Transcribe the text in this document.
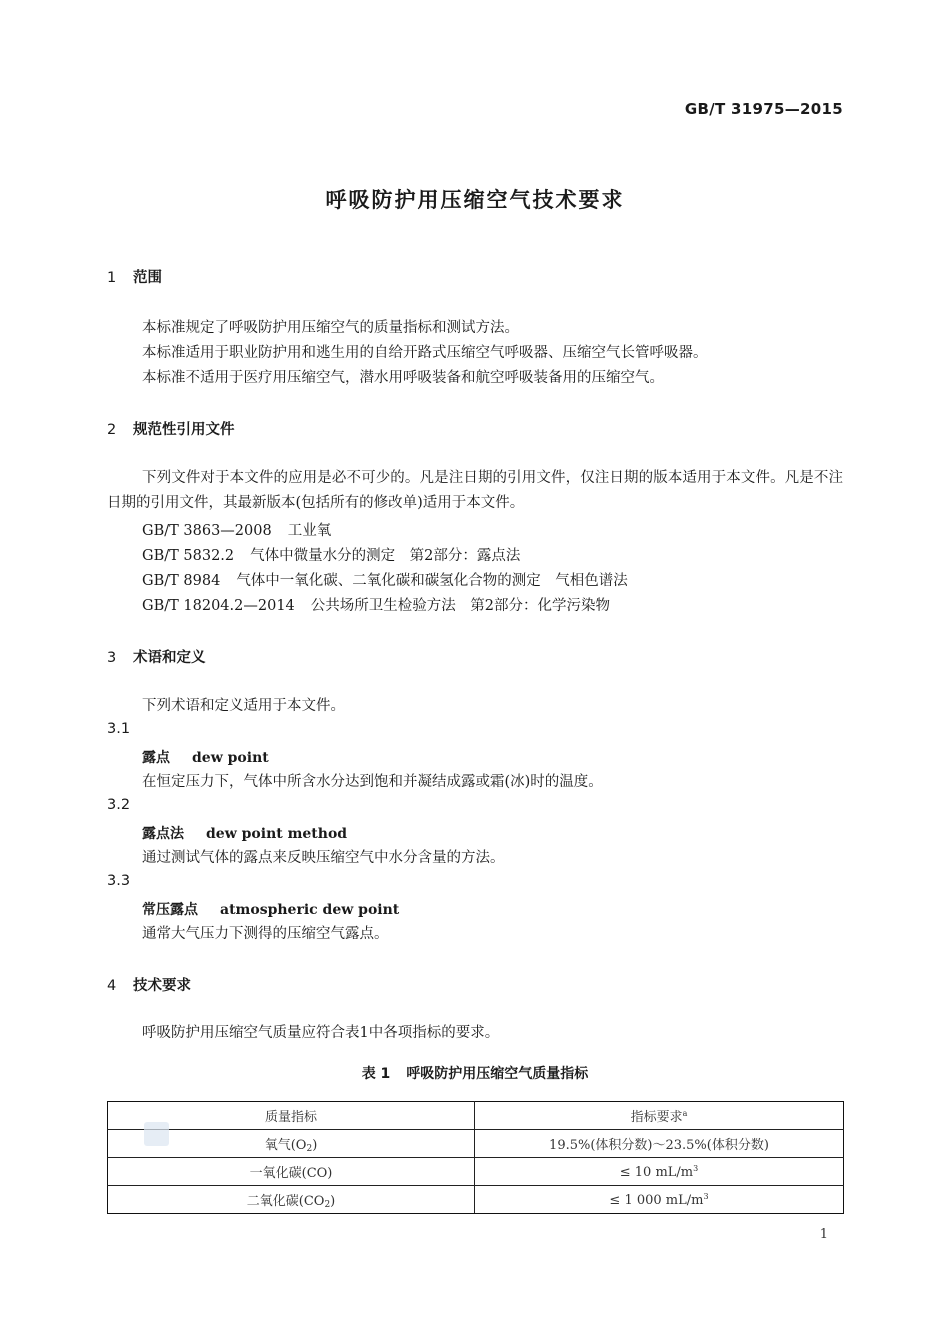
GB/T 31975—2015
呼吸防护用压缩空气技术要求
1 范围
本标准规定了呼吸防护用压缩空气的质量指标和测试方法。
本标准适用于职业防护用和逃生用的自给开路式压缩空气呼吸器、压缩空气长管呼吸器。
本标准不适用于医疗用压缩空气，潜水用呼吸装备和航空呼吸装备用的压缩空气。
2 规范性引用文件
下列文件对于本文件的应用是必不可少的。凡是注日期的引用文件，仅注日期的版本适用于本文件。凡是不注日期的引用文件，其最新版本(包括所有的修改单)适用于本文件。
GB/T 3863—2008 工业氧
GB/T 5832.2 气体中微量水分的测定　第2部分：露点法
GB/T 8984 气体中一氧化碳、二氧化碳和碳氢化合物的测定　气相色谱法
GB/T 18204.2—2014 公共场所卫生检验方法　第2部分：化学污染物
3 术语和定义
下列术语和定义适用于本文件。
3.1
露点 dew point
在恒定压力下，气体中所含水分达到饱和并凝结成露或霜(冰)时的温度。
3.2
露点法 dew point method
通过测试气体的露点来反映压缩空气中水分含量的方法。
3.3
常压露点 atmospheric dew point
通常大气压力下测得的压缩空气露点。
4 技术要求
呼吸防护用压缩空气质量应符合表1中各项指标的要求。
表 1 呼吸防护用压缩空气质量指标
质量指标	指标要求$^a$
氧气$(O_2)$	19.5%(体积分数)～23.5%(体积分数)
一氧化碳(CO)	≤ 10 $mL/m^3$
二氧化碳$(CO_2)$	≤ 1 000 $mL/m^3$
1
